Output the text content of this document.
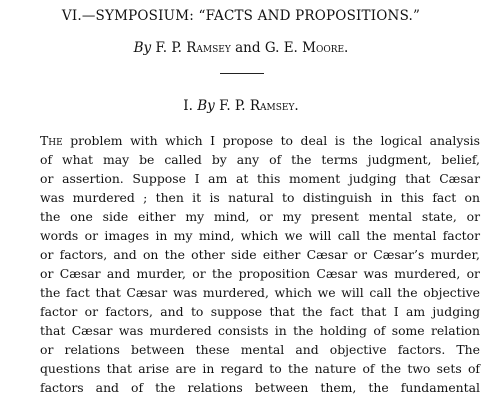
VI.—SYMPOSIUM: “FACTS AND PROPOSITIONS.”
By F. P. Ramsey and G. E. Moore.
I. By F. P. Ramsey.
The problem with which I propose to deal is the logical analysis
of what may be called by any of the terms judgment, belief,
or assertion. Suppose I am at this moment judging that Cæsar
was murdered ; then it is natural to distinguish in this fact on
the one side either my mind, or my present mental state, or
words or images in my mind, which we will call the mental factor
or factors, and on the other side either Cæsar or Cæsar’s murder,
or Cæsar and murder, or the proposition Cæsar was murdered, or
the fact that Cæsar was murdered, which we will call the objective
factor or factors, and to suppose that the fact that I am judging
that Cæsar was murdered consists in the holding of some relation
or relations between these mental and objective factors. The
questions that arise are in regard to the nature of the two sets of
factors and of the relations between them, the fundamental
